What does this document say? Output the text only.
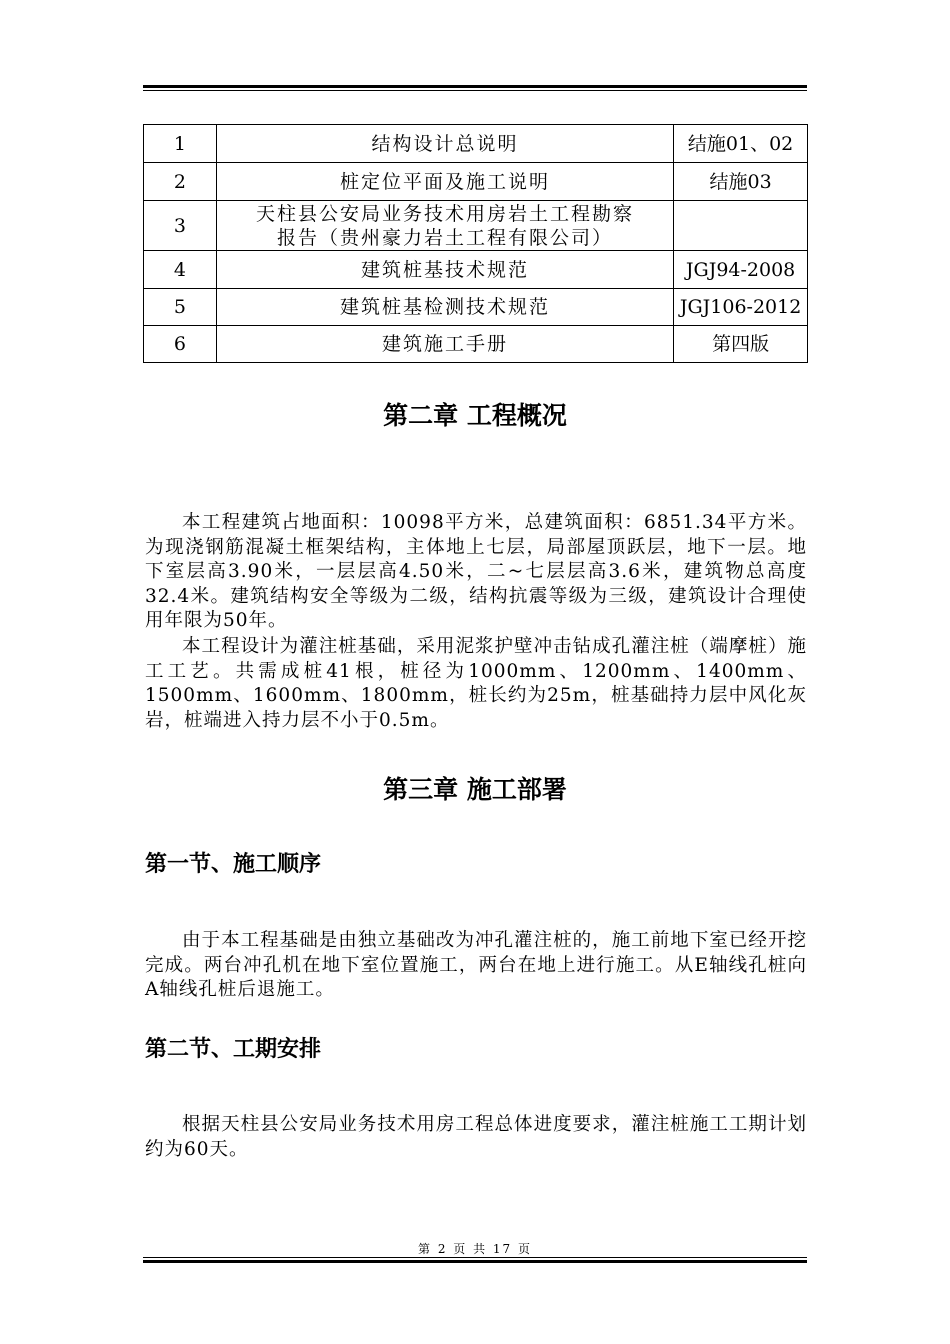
1	结构设计总说明	结施01、02
2	桩定位平面及施工说明	结施03
3	天柱县公安局业务技术用房岩土工程勘察
报告（贵州豪力岩土工程有限公司）	

4	建筑桩基技术规范	JGJ94-2008
5	建筑桩基检测技术规范	JGJ106-2012
6	建筑施工手册	第四版
第二章 工程概况

本工程建筑占地面积：10098平方米，总建筑面积：6851.34平方米。为现浇钢筋混凝土框架结构，主体地上七层，局部屋顶跃层，地下一层。地下室层高3.90米，一层层高4.50米，二~七层层高3.6米，建筑物总高度32.4米。建筑结构安全等级为二级，结构抗震等级为三级，建筑设计合理使用年限为50年。

本工程设计为灌注桩基础，采用泥浆护壁冲击钻成孔灌注桩（端摩桩）施工工艺。共需成桩41根，桩径为1000mm、1200mm、1400mm、1500mm、1600mm、1800mm，桩长约为25m，桩基础持力层中风化灰岩，桩端进入持力层不小于0.5m。

第三章 施工部署
第一节、施工顺序

由于本工程基础是由独立基础改为冲孔灌注桩的，施工前地下室已经开挖完成。两台冲孔机在地下室位置施工，两台在地上进行施工。从E轴线孔桩向A轴线孔桩后退施工。

第二节、工期安排

根据天柱县公安局业务技术用房工程总体进度要求，灌注桩施工工期计划约为60天。

第 2 页 共 17 页
